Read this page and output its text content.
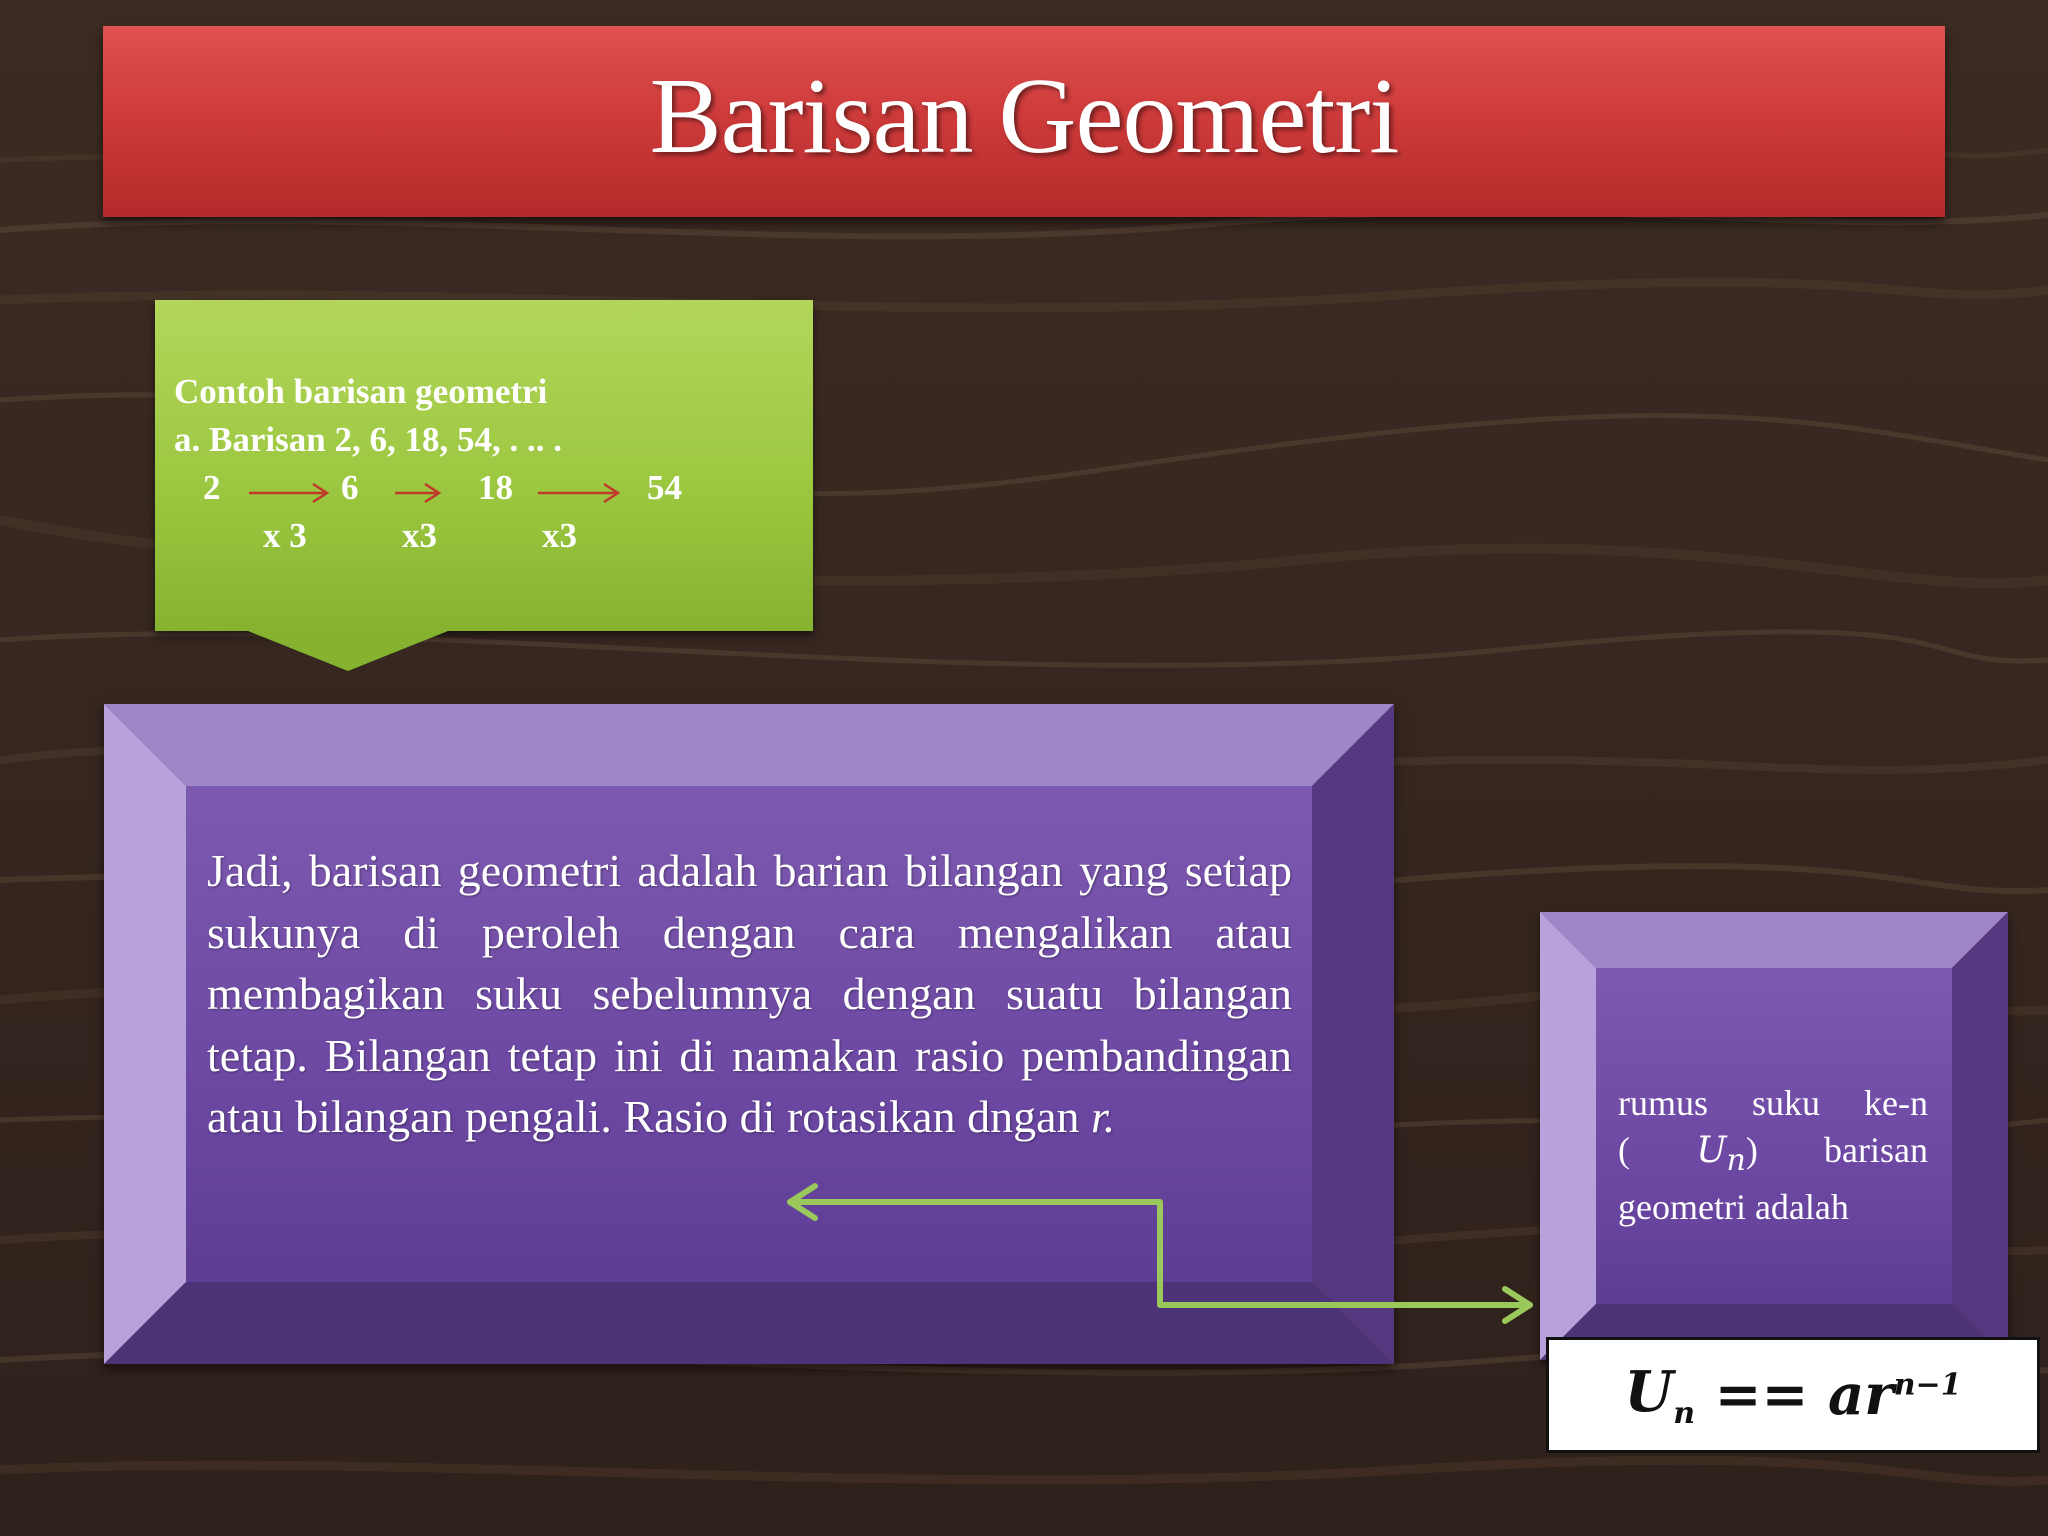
Barisan Geometri
Contoh barisan geometri
a. Barisan 2, 6, 18, 54, . .. .
2	6	18	54
x 3	x3	x3
Jadi, barisan geometri adalah barian bilangan yang setiap sukunya di peroleh dengan cara mengalikan atau membagikan suku sebelumnya dengan suatu bilangan tetap. Bilangan tetap ini di namakan rasio pembandingan atau bilangan pengali. Rasio di rotasikan dngan r.	rumus suku ke-n ( $U_n$) barisan geometri adalah
$U_n == ar^{n-1}$
